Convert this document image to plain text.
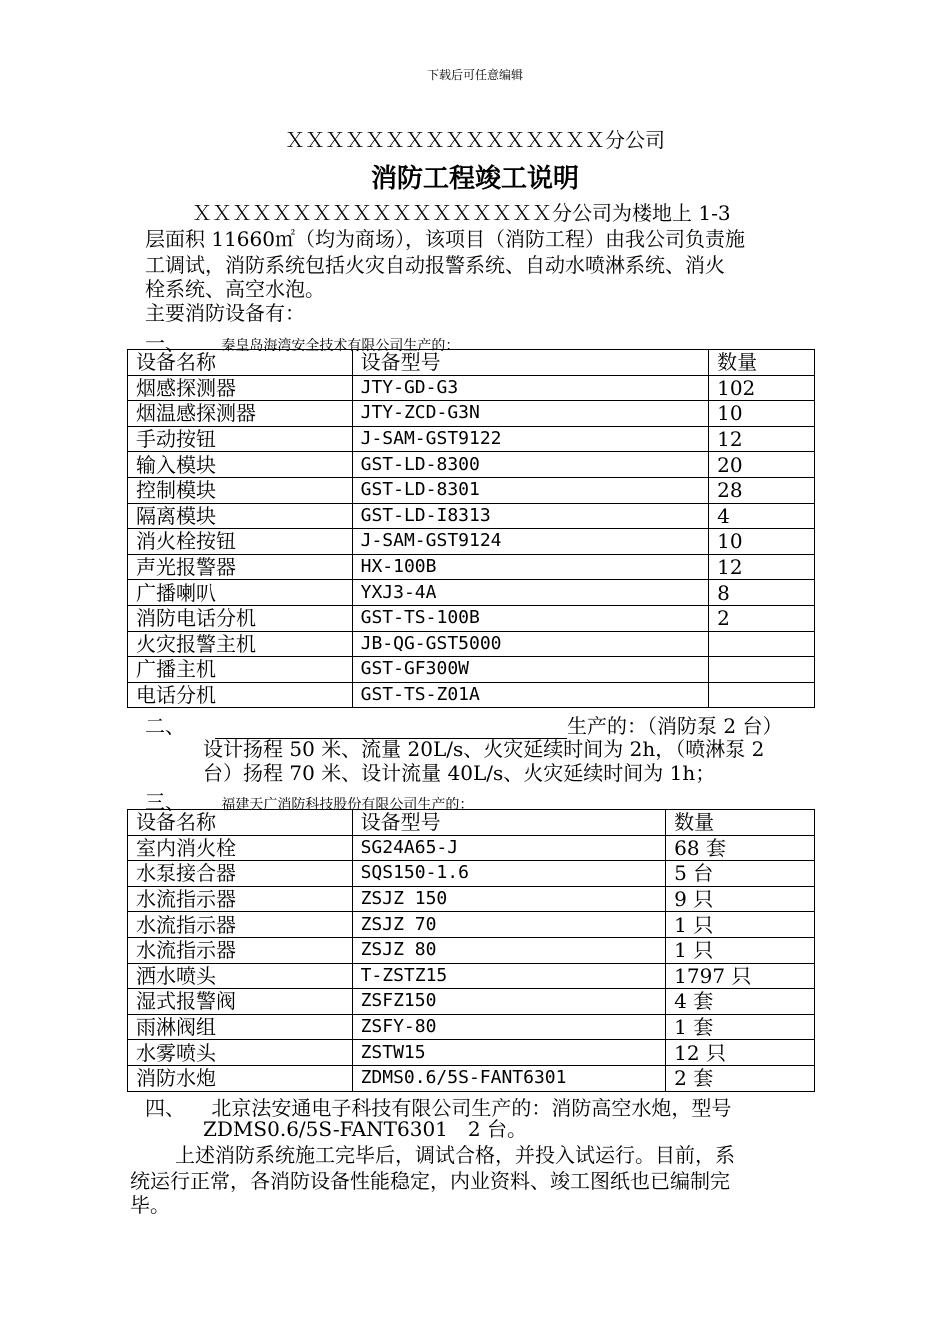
下载后可任意编辑
ＸＸＸＸＸＸＸＸＸＸＸＸＸＸＸＸ分公司
消防工程竣工说明
ＸＸＸＸＸＸＸＸＸＸＸＸＸＸＸＸＸＸ分公司为楼地上 1-3
层面积 11660㎡（均为商场），该项目（消防工程）由我公司负责施
工调试，消防系统包括火灾自动报警系统、自动水喷淋系统、消火
栓系统、高空水泡。
主要消防设备有：
一、	秦皇岛海湾安全技术有限公司生产的：
设备名称	设备型号	数量
烟感探测器	JTY-GD-G3	102
烟温感探测器	JTY-ZCD-G3N	10
手动按钮	J-SAM-GST9122	12
输入模块	GST-LD-8300	20
控制模块	GST-LD-8301	28
隔离模块	GST-LD-I8313	4
消火栓按钮	J-SAM-GST9124	10
声光报警器	HX-100B	12
广播喇叭	YXJ3-4A	8
消防电话分机	GST-TS-100B	2
火灾报警主机	JB-QG-GST5000	
广播主机	GST-GF300W	
电话分机	GST-TS-Z01A	
二、	生产的：（消防泵 2 台）
设计扬程 50 米、流量 20L/s、火灾延续时间为 2h，（喷淋泵 2
台）扬程 70 米、设计流量 40L/s、火灾延续时间为 1h；
三、	福建天广消防科技股份有限公司生产的：
设备名称	设备型号	数量
室内消火栓	SG24A65-J	68 套
水泵接合器	SQS150-1.6	5 台
水流指示器	ZSJZ 150	9 只
水流指示器	ZSJZ 70	1 只
水流指示器	ZSJZ 80	1 只
洒水喷头	T-ZSTZ15	1797 只
湿式报警阀	ZSFZ150	4 套
雨淋阀组	ZSFY-80	1 套
水雾喷头	ZSTW15	12 只
消防水炮	ZDMS0.6/5S-FANT6301	2 套
四、 北京法安通电子科技有限公司生产的：消防高空水炮，型号
ZDMS0.6/5S-FANT6301　2 台。
上述消防系统施工完毕后，调试合格，并投入试运行。目前，系
统运行正常，各消防设备性能稳定，内业资料、竣工图纸也已编制完
毕。
